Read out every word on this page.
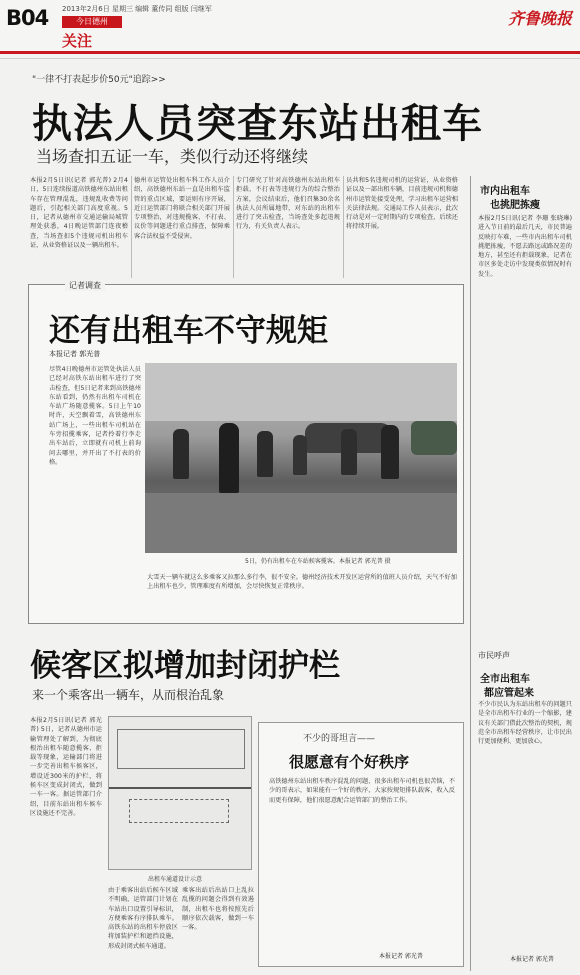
B04 2013年2月6日 星期三 编辑 董传同 组版 闫继军
今日德州
关注
齐鲁晚报
"一律不打表起步价50元"追踪>>
执法人员突查东站出租车
当场查扣五证一车，类似行动还将继续
本报2月5日讯(记者 郭光普) 2月4日，5日连续报道高铁德州东站出租车存在管理混乱，违规乱收费等问题后，引起相关部门高度重视。5日，记者从德州市交通运输局城管理处获悉，4日晚运管部门连夜稽查，当场查扣5个违规司机出租车证，从业资格证以及一辆出租车。
德州市运管处出租车科工作人员介绍，高铁德州东站一直是出租车监管的重点区域，要运则有序开展，近日运管部门将联合相关部门开展专项整治，对违规揽客、不打表、议价等问题进行重点排查，保障乘客合法权益不受侵害。
专门研究了针对高铁德州东站出租车拒载、不打表等违规行为的综合整治方案，会议结束后，他们召集30余名执法人员所属地带，对东站的出租车进行了突击检查，当场查处多起违规行为，有关负责人表示。
员共和5名违规司机的运营证，从业资格证以及一部出租车辆，目前违规司机和德州市运管处接受处理，学习出租车运营相关法律法规。交通局工作人员表示，此次行动是对一定时期内的专项检查，后续还将持续开展。
记者调查
还有出租车不守规矩
本报记者 郭光普
尽管4日晚德州市运管处执法人员已经对高铁东站出租车进行了突击检查，但5日记者来到高铁德州东站看到，仍然有出租车司机在车站广场随意揽客。5日上午10时许，天空飘着雪，高铁德州东站广场上，一些出租车司机站在车旁招揽乘客，记者拎着行李走出车站后，立即就有司机上前询问去哪里，并开出了不打表的价格。
5日，仍有出租车在车站候客揽客。本报记者 郭光普 摄
大雪天一辆车就这么多乘客又拉那么多行李，很不安全。德州经济技术开发区运营所的值班人员介绍，天气不好加上出租车也少，管理难度有所增加，会尽快恢复正常秩序。
市内出租车
也挑肥拣瘦
本报2月5日讯(记者 李珊 张晓琳) 进入节日前的最后几天，市民普遍反映打车难，一些市内出租车司机挑肥拣瘦，不愿去路远或路况差的地方，甚至还有拒载现象，记者在市区多处走访中发现类似情况时有发生。
市民呼声
全市出租车
都应管起来
不少市民认为东站出租车的问题只是全市出租车行业的一个缩影，建议有关部门借此次整治的契机，规范全市出租车经营秩序，让市民出行更加便利、更加放心。
本报记者 郭光普
候客区拟增加封闭护栏
来一个乘客出一辆车，从而根治乱象
本报2月5日讯(记者 郭光普) 5日，记者从德州市运输管理处了解到，为彻底根治出租车随意揽客、拒载等现象，运输部门将进一步完善出租车候客区，增设近300米的护栏，将候车区变成封闭式，做到一车一客。据运管部门介绍，目前东站出租车候车区设施还不完善。
出租车通道设计示意
由于乘客出站后候车区域不明确，运管部门计划在车站出口设置引导标识，方便乘客有序排队乘车。高铁东站的出租车停放区将加装护栏和遮挡设施，形成封闭式候车通道。
乘客出站后出站口上乱拉乱揽的问题会得到有效遏制，出租车也将按照先后顺序依次载客，做到一车一客。
不少的哥坦言——
很愿意有个好秩序
高铁德州东站出租车秩序混乱的问题，很多出租车司机也很苦恼，不少的哥表示，如果能有一个好的秩序，大家按规矩排队载客，收入反而更有保障，他们很愿意配合运管部门的整治工作。
本报记者 郭光普
